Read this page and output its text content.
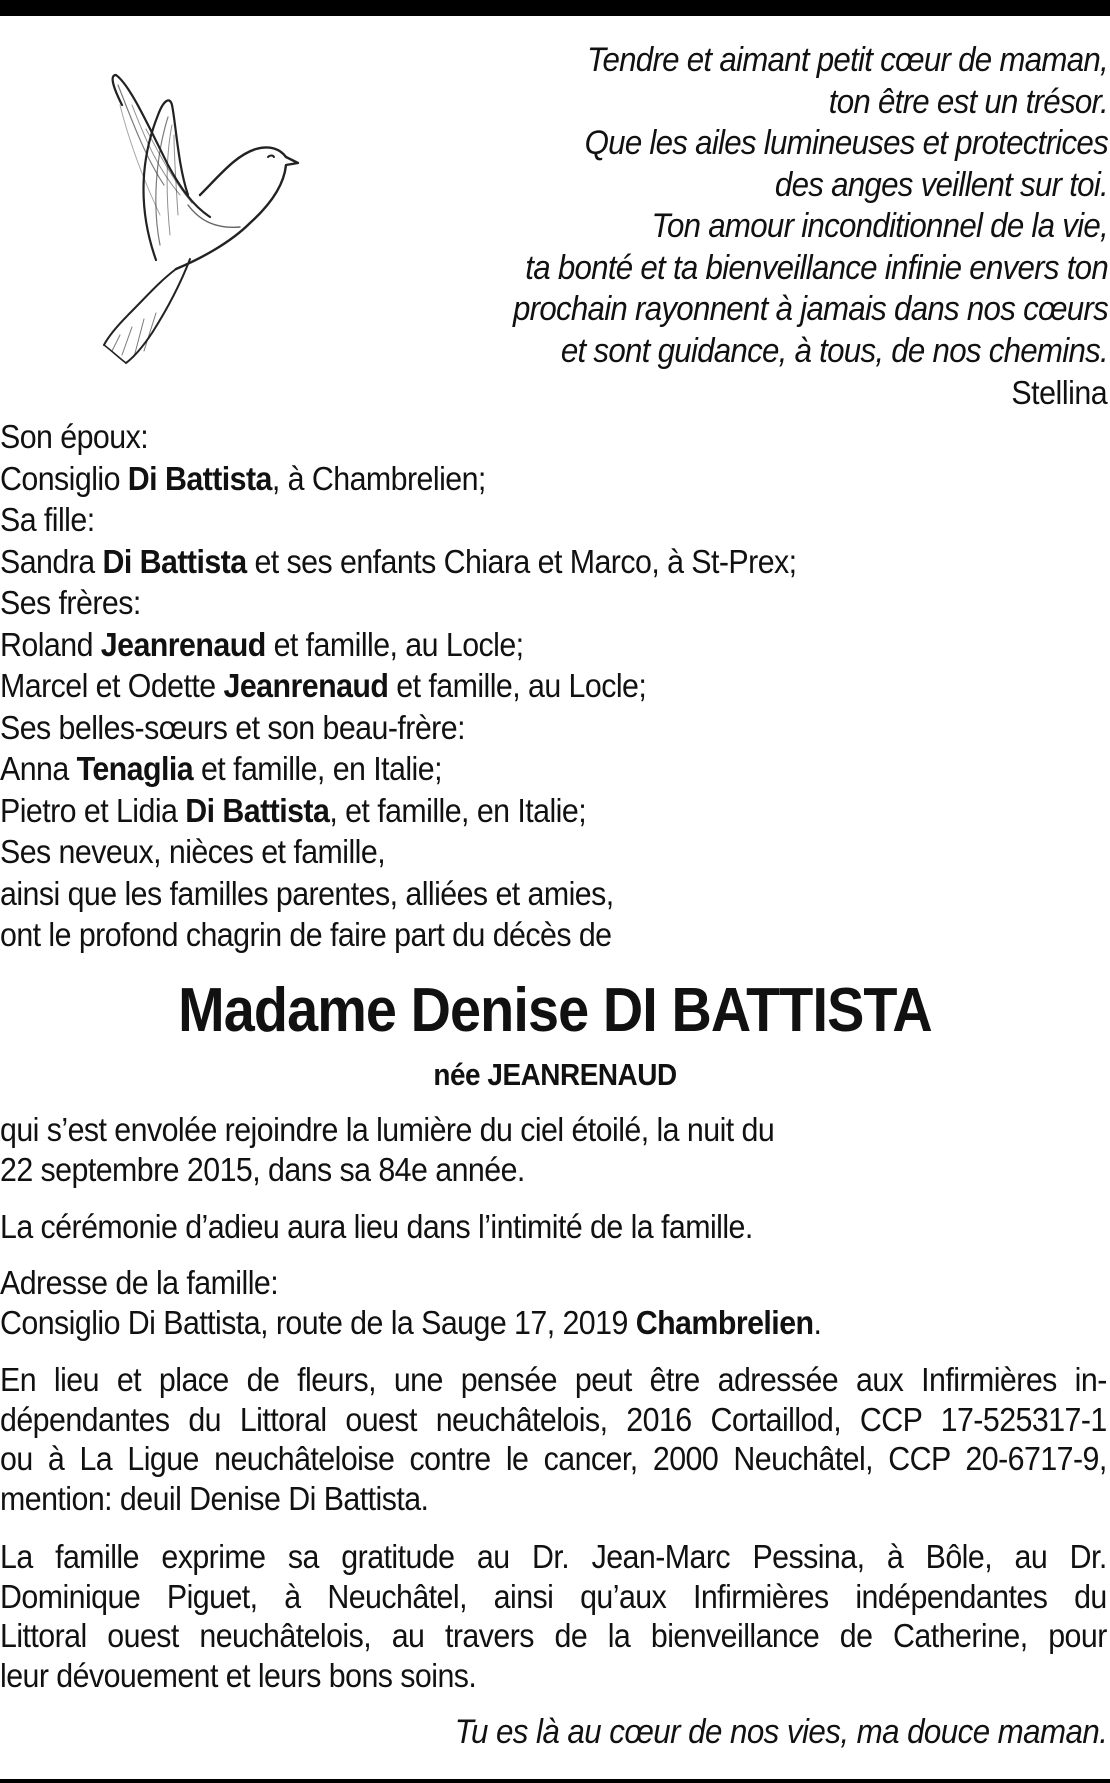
Tendre et aimant petit cœur de maman,
ton être est un trésor.
Que les ailes lumineuses et protectrices
des anges veillent sur toi.
Ton amour inconditionnel de la vie,
ta bonté et ta bienveillance infinie envers ton
prochain rayonnent à jamais dans nos cœurs
et sont guidance, à tous, de nos chemins.
Stellina
Son époux:
Consiglio Di Battista, à Chambrelien;
Sa fille:
Sandra Di Battista et ses enfants Chiara et Marco, à St-Prex;
Ses frères:
Roland Jeanrenaud et famille, au Locle;
Marcel et Odette Jeanrenaud et famille, au Locle;
Ses belles-sœurs et son beau-frère:
Anna Tenaglia et famille, en Italie;
Pietro et Lidia Di Battista, et famille, en Italie;
Ses neveux, nièces et famille,
ainsi que les familles parentes, alliées et amies,
ont le profond chagrin de faire part du décès de
Madame Denise DI BATTISTA
née JEANRENAUD
qui s’est envolée rejoindre la lumière du ciel étoilé, la nuit du
22 septembre 2015, dans sa 84e année.
La cérémonie d’adieu aura lieu dans l’intimité de la famille.
Adresse de la famille:
Consiglio Di Battista, route de la Sauge 17, 2019 Chambrelien.
En lieu et place de fleurs, une pensée peut être adressée aux Infirmières in-
dépendantes du Littoral ouest neuchâtelois, 2016 Cortaillod, CCP 17-525317-1
ou à La Ligue neuchâteloise contre le cancer, 2000 Neuchâtel, CCP 20-6717-9,
mention: deuil Denise Di Battista.
La famille exprime sa gratitude au Dr. Jean-Marc Pessina, à Bôle, au Dr.
Dominique Piguet, à Neuchâtel, ainsi qu’aux Infirmières indépendantes du
Littoral ouest neuchâtelois, au travers de la bienveillance de Catherine, pour
leur dévouement et leurs bons soins.
Tu es là au cœur de nos vies, ma douce maman.
